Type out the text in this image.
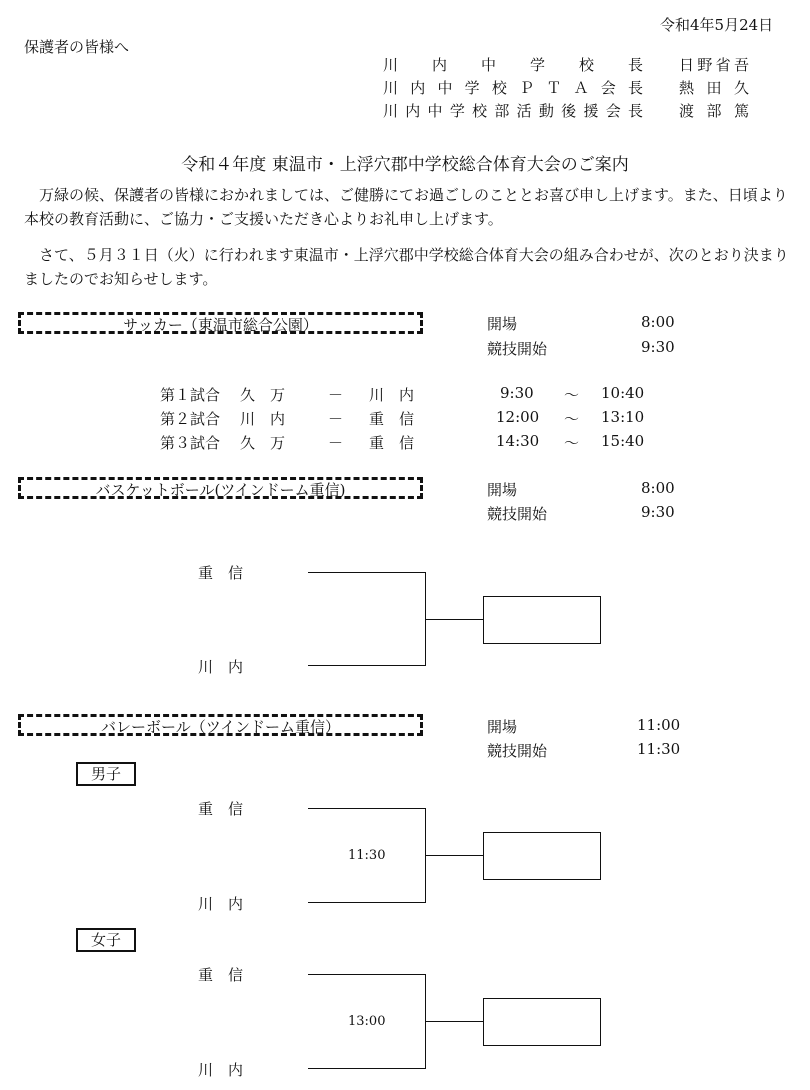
令和4年5月24日
保護者の皆様へ
川内中学校長 日野省吾
川内中学校ＰＴＡ会長 熱田久
川内中学校部活動後援会長 渡部篤
令和４年度 東温市・上浮穴郡中学校総合体育大会のご案内
　万緑の候、保護者の皆様におかれましては、ご健勝にてお過ごしのこととお喜び申し上げます。また、日頃より本校の教育活動に、ご協力・ご支援いただき心よりお礼申し上げます。
　さて、５月３１日（火）に行われます東温市・上浮穴郡中学校総合体育大会の組み合わせが、次のとおり決まりましたのでお知らせします。
サッカー（東温市総合公園）	開場	8:00
競技開始	9:30
第１試合 久　万	－ 川　内	9:30 ～ 10:40
第２試合 川　内	－ 重　信	12:00 ～ 13:10
第３試合 久　万	－ 重　信	14:30 ～ 15:40
バスケットボール(ツインドーム重信)	開場	8:00
競技開始	9:30
重　信
川　内
バレーボール（ツインドーム重信）	開場	11:00
競技開始	11:30
男子
重　信
川　内
11:30
女子
重　信
川　内
13:00
